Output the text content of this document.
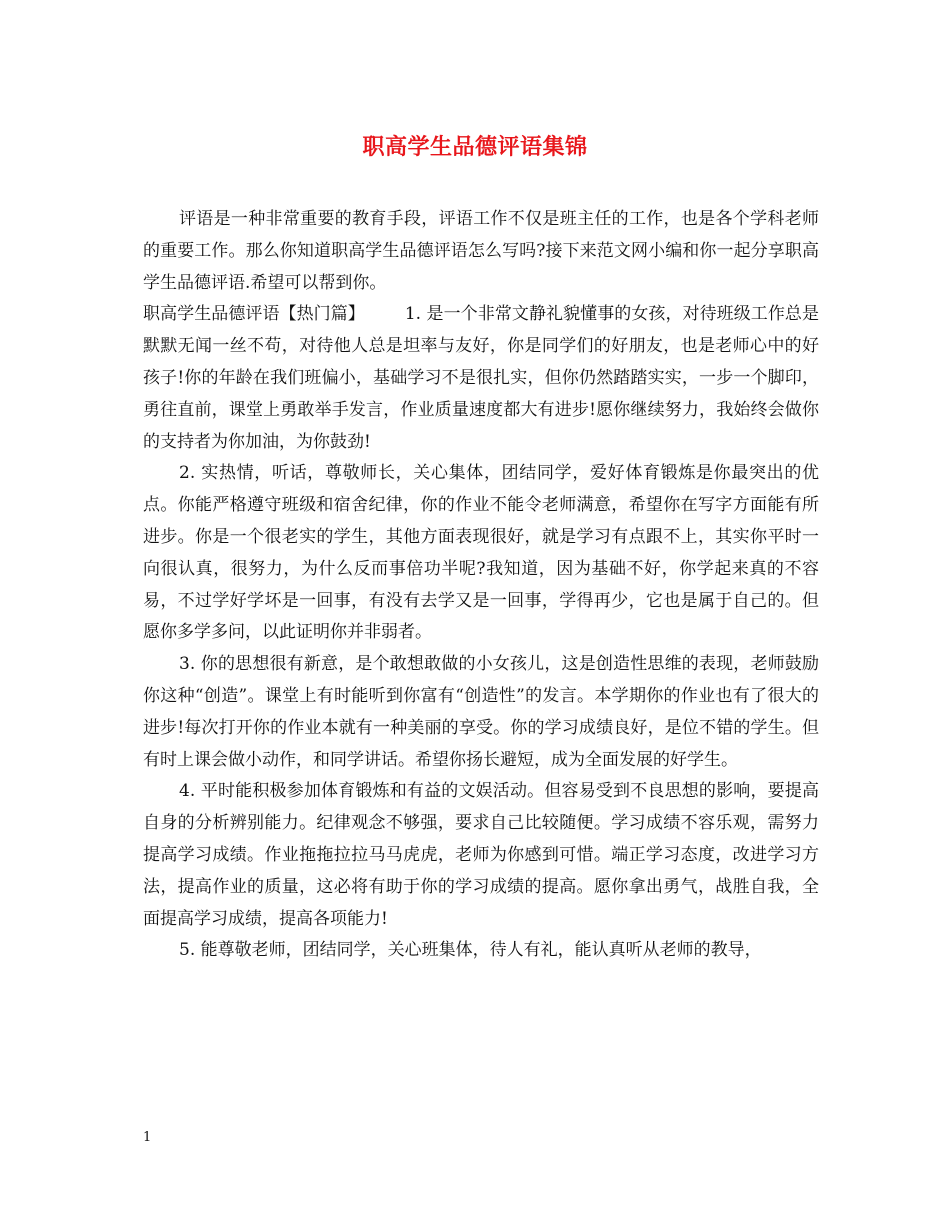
职高学生品德评语集锦

评语是一种非常重要的教育手段，评语工作不仅是班主任的工作，也是各个学科老师的重要工作。那么你知道职高学生品德评语怎么写吗?接下来范文网小编和你一起分享职高学生品德评语.希望可以帮到你。

职高学生品德评语【热门篇】 1. 是一个非常文静礼貌懂事的女孩，对待班级工作总是默默无闻一丝不苟，对待他人总是坦率与友好，你是同学们的好朋友，也是老师心中的好孩子!你的年龄在我们班偏小，基础学习不是很扎实，但你仍然踏踏实实，一步一个脚印，勇往直前，课堂上勇敢举手发言，作业质量速度都大有进步!愿你继续努力，我始终会做你的支持者为你加油，为你鼓劲!

2. 实热情，听话，尊敬师长，关心集体，团结同学，爱好体育锻炼是你最突出的优点。你能严格遵守班级和宿舍纪律，你的作业不能令老师满意，希望你在写字方面能有所进步。你是一个很老实的学生，其他方面表现很好，就是学习有点跟不上，其实你平时一向很认真，很努力，为什么反而事倍功半呢?我知道，因为基础不好，你学起来真的不容易，不过学好学坏是一回事，有没有去学又是一回事，学得再少，它也是属于自己的。但愿你多学多问，以此证明你并非弱者。

3. 你的思想很有新意，是个敢想敢做的小女孩儿，这是创造性思维的表现，老师鼓励你这种“创造”。课堂上有时能听到你富有“创造性”的发言。本学期你的作业也有了很大的进步!每次打开你的作业本就有一种美丽的享受。你的学习成绩良好，是位不错的学生。但有时上课会做小动作，和同学讲话。希望你扬长避短，成为全面发展的好学生。

4. 平时能积极参加体育锻炼和有益的文娱活动。但容易受到不良思想的影响，要提高自身的分析辨别能力。纪律观念不够强，要求自己比较随便。学习成绩不容乐观，需努力提高学习成绩。作业拖拖拉拉马马虎虎，老师为你感到可惜。端正学习态度，改进学习方法，提高作业的质量，这必将有助于你的学习成绩的提高。愿你拿出勇气，战胜自我，全面提高学习成绩，提高各项能力!

5. 能尊敬老师，团结同学，关心班集体，待人有礼，能认真听从老师的教导，

1
